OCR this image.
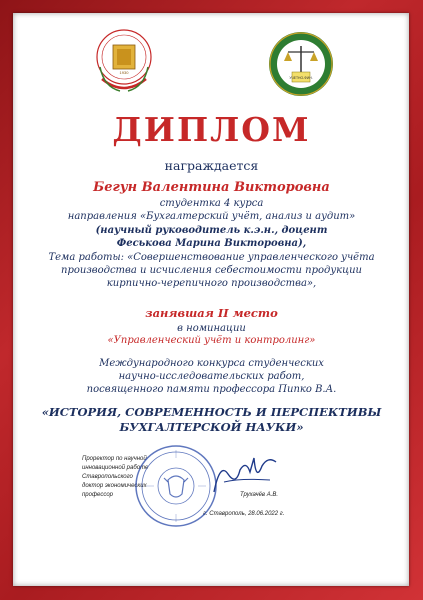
1930
УЧЕТНО-ФИН.
ДИПЛОМ
награждается
Бегун Валентина Викторовна
студентка 4 курса
направления «Бухгалтерский учёт, анализ и аудит»
(научный руководитель к.э.н., доцент
Феськова Марина Викторовна),
Тема работы: «Совершенствование управленческого учёта
производства и исчисления себестоимости продукции
кирпично-черепичного производства»,
занявшая II место
в номинации
«Управленческий учёт и контролинг»
Международного конкурса студенческих
научно-исследовательских работ,
посвященного памяти профессора Пипко В.А.
«ИСТОРИЯ, СОВРЕМЕННОСТЬ И ПЕРСПЕКТИВЫ
БУХГАЛТЕРСКОЙ НАУКИ»
Проректор по научной
инновационной работе
Ставропольского
доктор экономических
профессор	Трухачёв А.В.
г. Ставрополь, 28.06.2022 г.
